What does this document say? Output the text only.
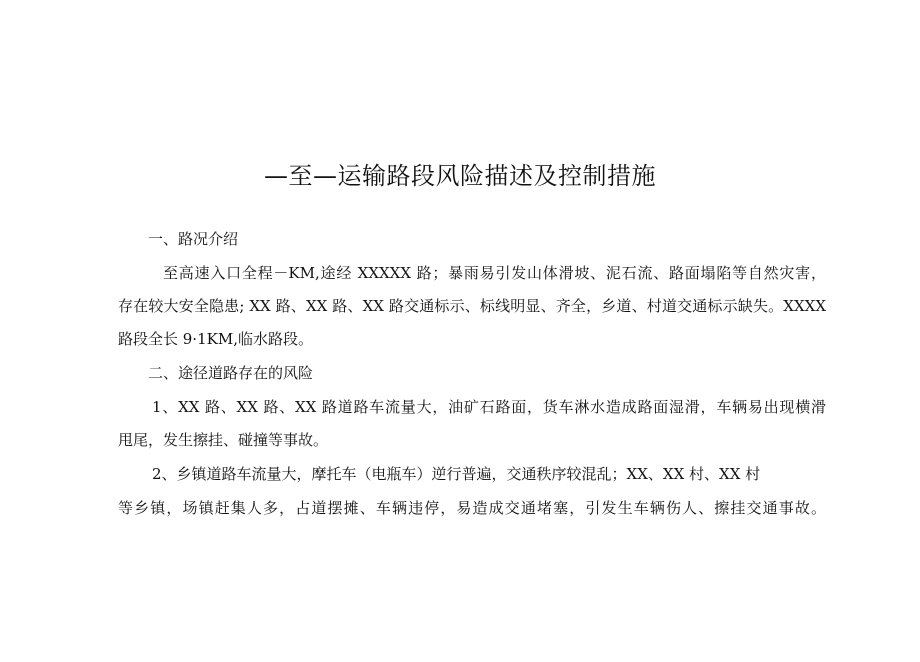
—至—运输路段风险描述及控制措施
一、路况介绍
至高速入口全程－KM,途经 XXXXX 路；暴雨易引发山体滑坡、泥石流、路面塌陷等自然灾害，
存在较大安全隐患; XX 路、XX 路、XX 路交通标示、标线明显、齐全，乡道、村道交通标示缺失。XXXX
路段全长 9·1KM,临水路段。
二、途径道路存在的风险
1、XX 路、XX 路、XX 路道路车流量大，油矿石路面，货车淋水造成路面湿滑，车辆易出现横滑
甩尾，发生擦挂、碰撞等事故。
2、乡镇道路车流量大，摩托车（电瓶车）逆行普遍，交通秩序较混乱；XX、XX 村、XX 村
等乡镇，场镇赶集人多，占道摆摊、车辆违停，易造成交通堵塞，引发生车辆伤人、擦挂交通事故。
